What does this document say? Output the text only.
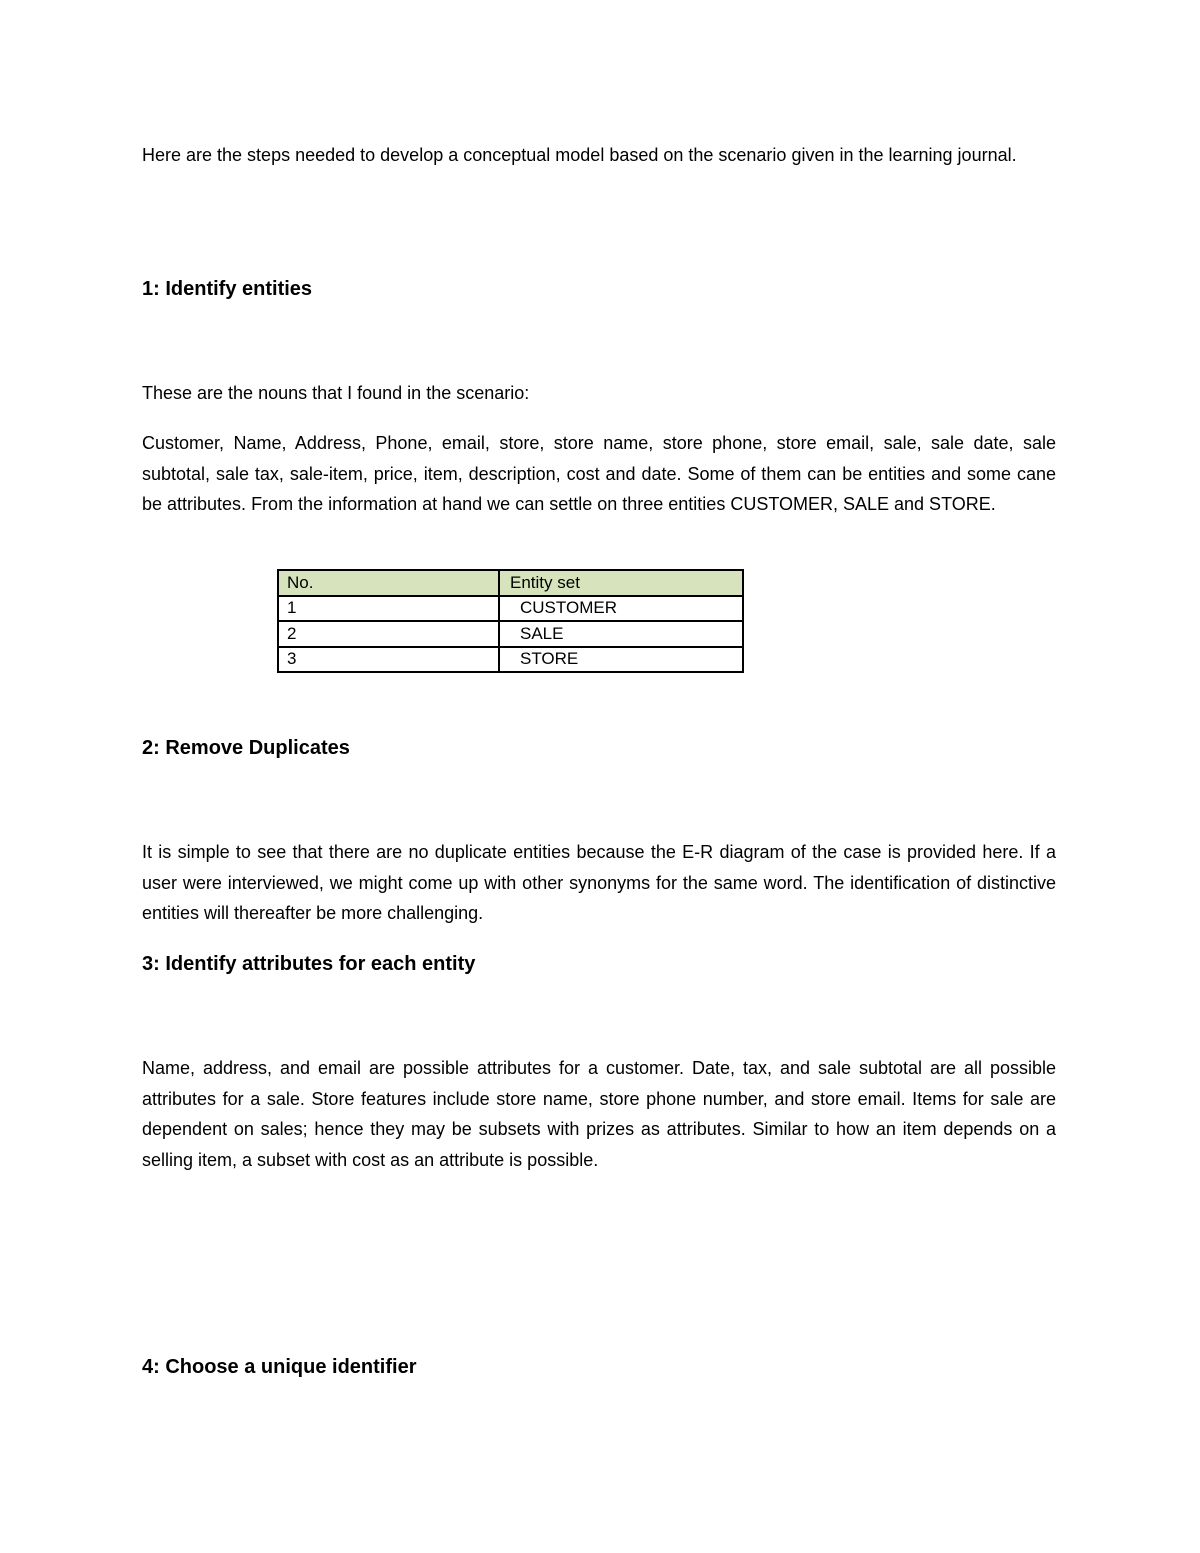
Here are the steps needed to develop a conceptual model based on the scenario given in the learning journal.

1: Identify entities

These are the nouns that I found in the scenario:

Customer, Name, Address, Phone, email, store, store name, store phone, store email, sale, sale date, sale subtotal, sale tax, sale-item, price, item, description, cost and date. Some of them can be entities and some cane be attributes. From the information at hand we can settle on three entities CUSTOMER, SALE and STORE.

No.	Entity set
1	CUSTOMER
2	SALE
3	STORE
2: Remove Duplicates

It is simple to see that there are no duplicate entities because the E-R diagram of the case is provided here. If a user were interviewed, we might come up with other synonyms for the same word. The identification of distinctive entities will thereafter be more challenging.

3: Identify attributes for each entity

Name, address, and email are possible attributes for a customer. Date, tax, and sale subtotal are all possible attributes for a sale. Store features include store name, store phone number, and store email. Items for sale are dependent on sales; hence they may be subsets with prizes as attributes. Similar to how an item depends on a selling item, a subset with cost as an attribute is possible.

4: Choose a unique identifier
